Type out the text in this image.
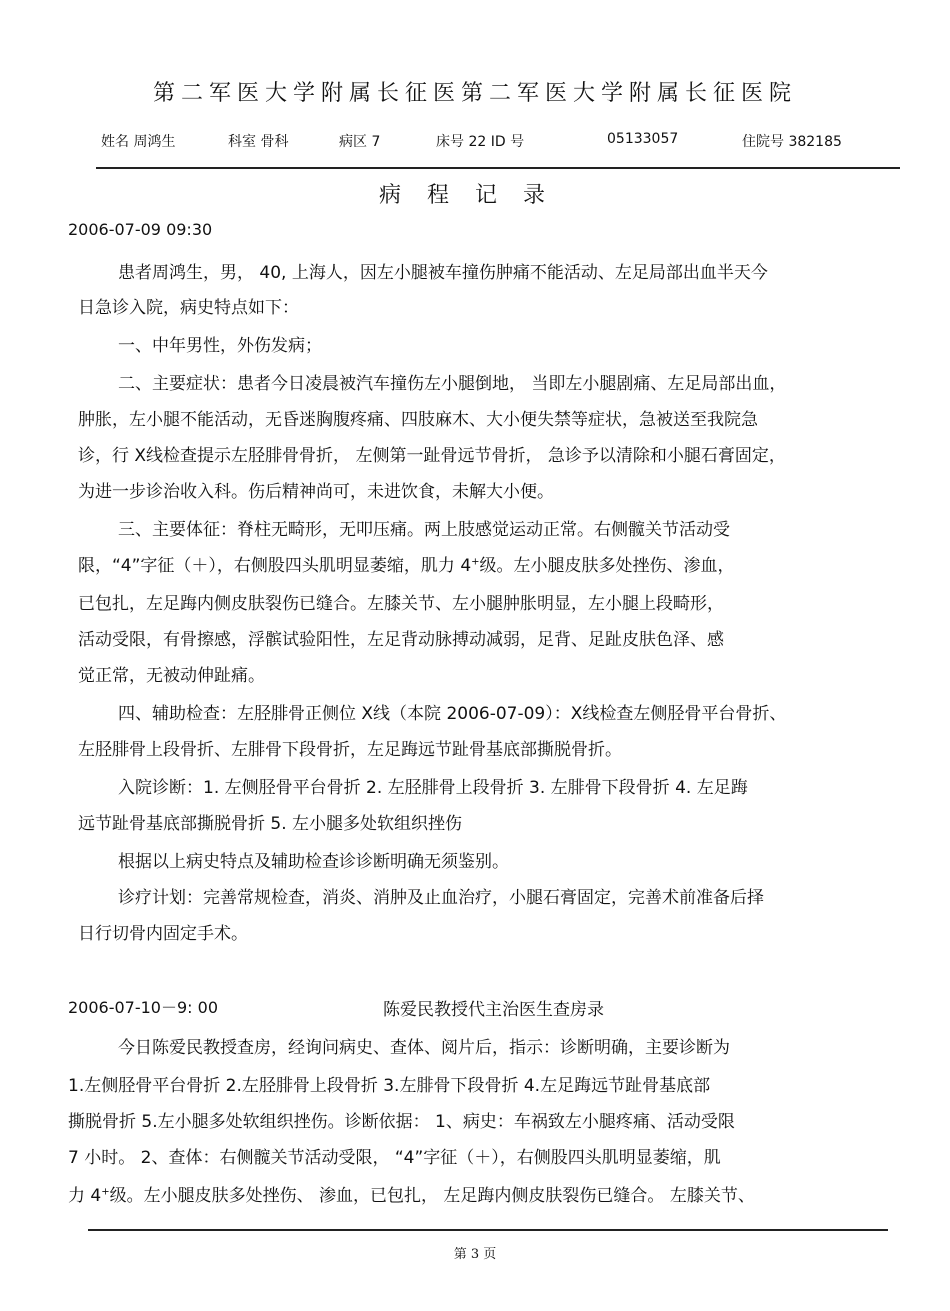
第二军医大学附属长征医第二军医大学附属长征医院
姓名 周鸿生	科室 骨科	病区 7	床号 22 ID 号	05133057	住院号 382185
病程记录
2006-07-09 09:30
患者周鸿生，男， 40, 上海人，因左小腿被车撞伤肿痛不能活动、左足局部出血半天今
日急诊入院，病史特点如下：
一、中年男性，外伤发病；
二、主要症状：患者今日凌晨被汽车撞伤左小腿倒地， 当即左小腿剧痛、左足局部出血，
肿胀，左小腿不能活动，无昏迷胸腹疼痛、四肢麻木、大小便失禁等症状，急被送至我院急
诊，行 X线检查提示左胫腓骨骨折， 左侧第一趾骨远节骨折， 急诊予以清除和小腿石膏固定，
为进一步诊治收入科。伤后精神尚可，未进饮食，未解大小便。
三、主要体征：脊柱无畸形，无叩压痛。两上肢感觉运动正常。右侧髋关节活动受
限，“4”字征（＋），右侧股四头肌明显萎缩，肌力 4+级。左小腿皮肤多处挫伤、渗血，
已包扎，左足踇内侧皮肤裂伤已缝合。左膝关节、左小腿肿胀明显，左小腿上段畸形，
活动受限，有骨擦感，浮髌试验阳性，左足背动脉搏动减弱，足背、足趾皮肤色泽、感
觉正常，无被动伸趾痛。
四、辅助检查：左胫腓骨正侧位 X线（本院 2006-07-09）：X线检查左侧胫骨平台骨折、
左胫腓骨上段骨折、左腓骨下段骨折，左足踇远节趾骨基底部撕脱骨折。
入院诊断：1. 左侧胫骨平台骨折 2. 左胫腓骨上段骨折 3. 左腓骨下段骨折 4. 左足踇
远节趾骨基底部撕脱骨折 5. 左小腿多处软组织挫伤
根据以上病史特点及辅助检查诊诊断明确无须鉴别。
诊疗计划：完善常规检查，消炎、消肿及止血治疗，小腿石膏固定，完善术前准备后择
日行切骨内固定手术。
2006-07-10－9: 00	陈爱民教授代主治医生查房录
今日陈爱民教授查房，经询问病史、查体、阅片后，指示：诊断明确，主要诊断为
1.左侧胫骨平台骨折 2.左胫腓骨上段骨折 3.左腓骨下段骨折 4.左足踇远节趾骨基底部
撕脱骨折 5.左小腿多处软组织挫伤。诊断依据： 1、病史：车祸致左小腿疼痛、活动受限
7 小时。 2、查体：右侧髋关节活动受限， “4”字征（＋），右侧股四头肌明显萎缩，肌
力 4+级。左小腿皮肤多处挫伤、 渗血，已包扎， 左足踇内侧皮肤裂伤已缝合。 左膝关节、
第 3 页
